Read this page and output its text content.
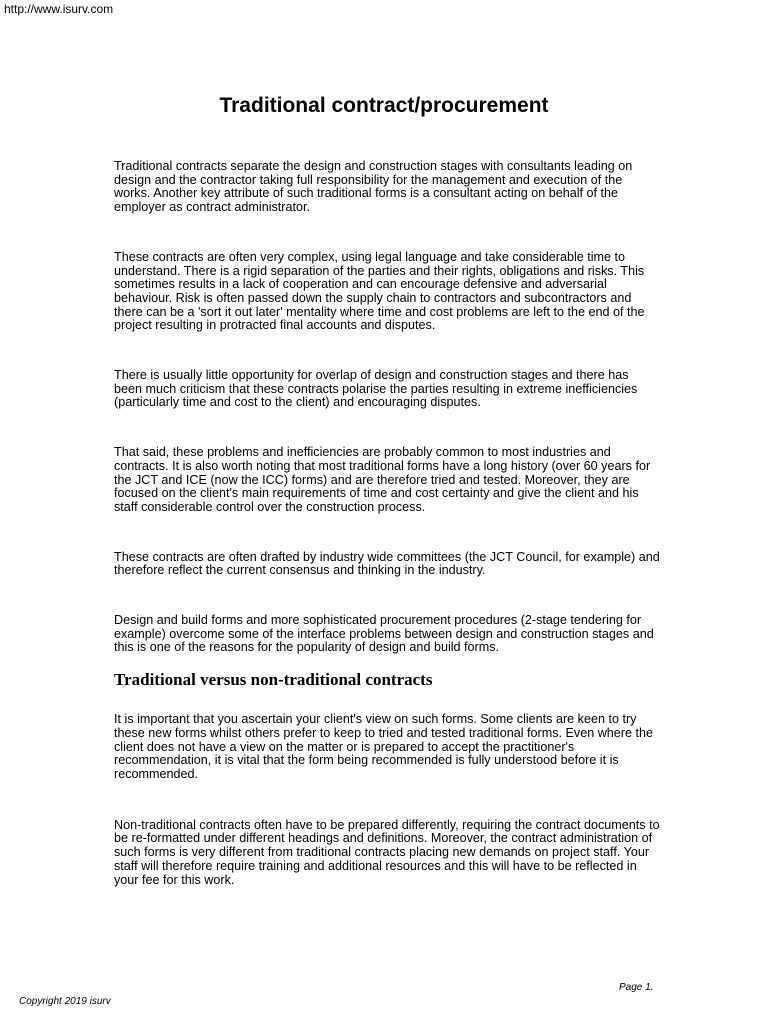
http://www.isurv.com
Traditional contract/procurement

Traditional contracts separate the design and construction stages with consultants leading on design and the contractor taking full responsibility for the management and execution of the works. Another key attribute of such traditional forms is a consultant acting on behalf of the employer as contract administrator.

These contracts are often very complex, using legal language and take considerable time to understand. There is a rigid separation of the parties and their rights, obligations and risks. This sometimes results in a lack of cooperation and can encourage defensive and adversarial behaviour. Risk is often passed down the supply chain to contractors and subcontractors and there can be a 'sort it out later' mentality where time and cost problems are left to the end of the project resulting in protracted final accounts and disputes.

There is usually little opportunity for overlap of design and construction stages and there has been much criticism that these contracts polarise the parties resulting in extreme inefficiencies (particularly time and cost to the client) and encouraging disputes.

That said, these problems and inefficiencies are probably common to most industries and contracts. It is also worth noting that most traditional forms have a long history (over 60 years for the JCT and ICE (now the ICC) forms) and are therefore tried and tested. Moreover, they are focused on the client's main requirements of time and cost certainty and give the client and his staff considerable control over the construction process.

These contracts are often drafted by industry wide committees (the JCT Council, for example) and therefore reflect the current consensus and thinking in the industry.

Design and build forms and more sophisticated procurement procedures (2-stage tendering for example) overcome some of the interface problems between design and construction stages and this is one of the reasons for the popularity of design and build forms.

Traditional versus non-traditional contracts

It is important that you ascertain your client's view on such forms. Some clients are keen to try these new forms whilst others prefer to keep to tried and tested traditional forms. Even where the client does not have a view on the matter or is prepared to accept the practitioner's recommendation, it is vital that the form being recommended is fully understood before it is recommended.

Non-traditional contracts often have to be prepared differently, requiring the contract documents to be re-formatted under different headings and definitions. Moreover, the contract administration of such forms is very different from traditional contracts placing new demands on project staff. Your staff will therefore require training and additional resources and this will have to be reflected in your fee for this work.

Page 1.
Copyright 2019 isurv
